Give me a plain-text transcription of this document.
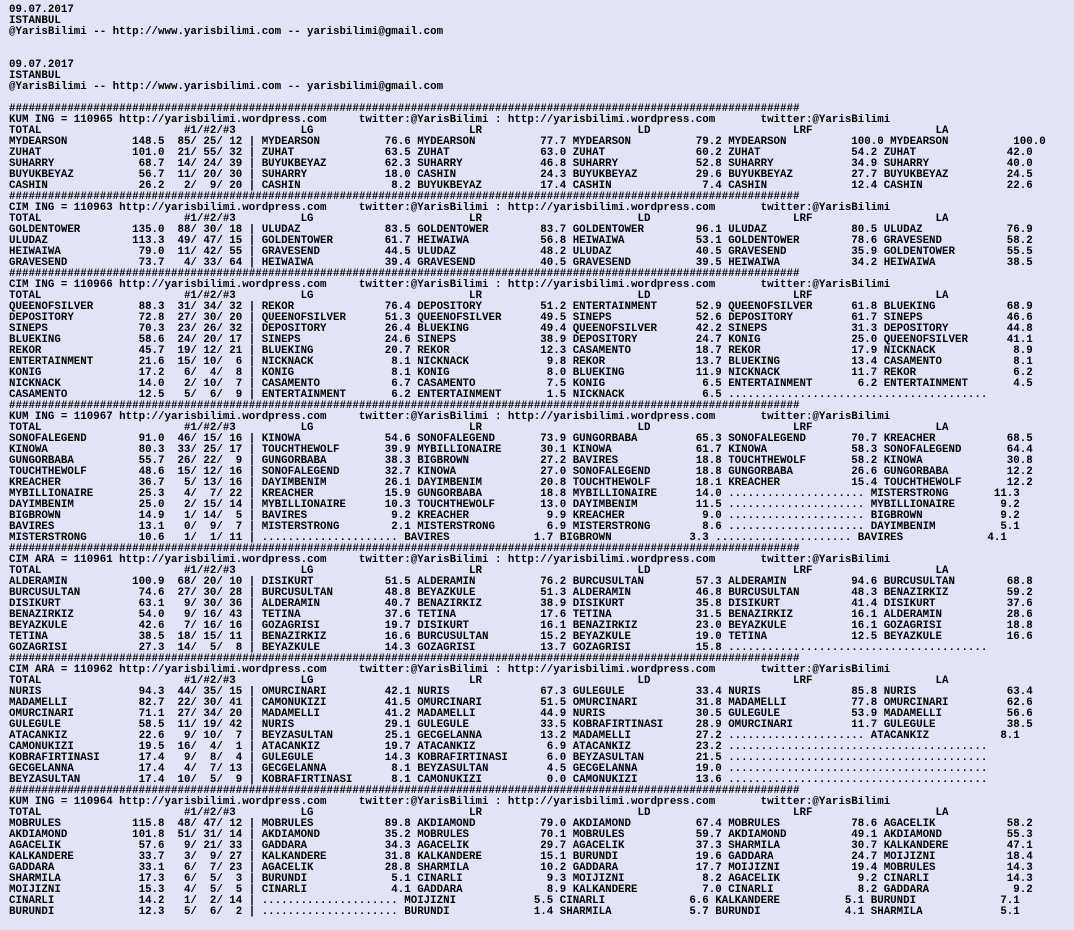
09.07.2017
ISTANBUL
@YarisBilimi -- http://www.yarisbilimi.com -- yarisbilimi@gmail.com

09.07.2017
ISTANBUL
@YarisBilimi -- http://www.yarisbilimi.com -- yarisbilimi@gmail.com

##########################################################################################################################
KUM ING = 110965 http://yarisbilimi.wordpress.com     twitter:@YarisBilimi : http://yarisbilimi.wordpress.com       twitter:@YarisBilimi
TOTAL                      #1/#2/#3          LG                        LR                        LD                      LRF                   LA
MYDEARSON          148.5  85/ 25/ 12 | MYDEARSON          76.6 MYDEARSON          77.7 MYDEARSON          79.2 MYDEARSON          100.0 MYDEARSON          100.0
ZUHAT              101.0  21/ 55/ 32 | ZUHAT              63.5 ZUHAT              63.0 ZUHAT              60.2 ZUHAT              54.2 ZUHAT              42.0
SUHARRY             68.7  14/ 24/ 39 | BUYUKBEYAZ         62.3 SUHARRY            46.8 SUHARRY            52.8 SUHARRY            34.9 SUHARRY            40.0
BUYUKBEYAZ          56.7  11/ 20/ 30 | SUHARRY            18.0 CASHIN             24.3 BUYUKBEYAZ         29.6 BUYUKBEYAZ         27.7 BUYUKBEYAZ         24.5
CASHIN              26.2   2/  9/ 20 | CASHIN              8.2 BUYUKBEYAZ         17.4 CASHIN              7.4 CASHIN             12.4 CASHIN             22.6
##########################################################################################################################
CIM ING = 110963 http://yarisbilimi.wordpress.com     twitter:@YarisBilimi : http://yarisbilimi.wordpress.com       twitter:@YarisBilimi
TOTAL                      #1/#2/#3          LG                        LR                        LD                      LRF                   LA
GOLDENTOWER        135.0  88/ 30/ 18 | ULUDAZ             83.5 GOLDENTOWER        83.7 GOLDENTOWER        96.1 ULUDAZ             80.5 ULUDAZ             76.9
ULUDAZ             113.3  49/ 47/ 15 | GOLDENTOWER        61.7 HEIWAIWA           56.8 HEIWAIWA           53.1 GOLDENTOWER        78.6 GRAVESEND          58.2
HEIWAIWA            79.0  11/ 42/ 55 | GRAVESEND          44.5 ULUDAZ             48.2 ULUDAZ             40.5 GRAVESEND          35.9 GOLDENTOWER        55.5
GRAVESEND           73.7   4/ 33/ 64 | HEIWAIWA           39.4 GRAVESEND          40.5 GRAVESEND          39.5 HEIWAIWA           34.2 HEIWAIWA           38.5
##########################################################################################################################
CIM ING = 110966 http://yarisbilimi.wordpress.com     twitter:@YarisBilimi : http://yarisbilimi.wordpress.com       twitter:@YarisBilimi
TOTAL                      #1/#2/#3          LG                        LR                        LD                      LRF                   LA
QUEENOFSILVER       88.3  31/ 34/ 32 | REKOR              76.4 DEPOSITORY         51.2 ENTERTAINMENT      52.9 QUEENOFSILVER      61.8 BLUEKING           68.9
DEPOSITORY          72.8  27/ 30/ 20 | QUEENOFSILVER      51.3 QUEENOFSILVER      49.5 SINEPS             52.6 DEPOSITORY         61.7 SINEPS             46.6
SINEPS              70.3  23/ 26/ 32 | DEPOSITORY         26.4 BLUEKING           49.4 QUEENOFSILVER      42.2 SINEPS             31.3 DEPOSITORY         44.8
BLUEKING            58.6  24/ 20/ 17 | SINEPS             24.6 SINEPS             38.9 DEPOSITORY         24.7 KONIG              25.0 QUEENOFSILVER      41.1
REKOR               45.7  19/ 12/ 21 | BLUEKING           20.7 REKOR              12.3 CASAMENTO          18.7 REKOR              17.9 NICKNACK            8.9
ENTERTAINMENT       21.6  15/ 10/  6 | NICKNACK            8.1 NICKNACK            9.8 REKOR              13.7 BLUEKING           13.4 CASAMENTO           8.1
KONIG               17.2   6/  4/  8 | KONIG               8.1 KONIG               8.0 BLUEKING           11.9 NICKNACK           11.7 REKOR               6.2
NICKNACK            14.0   2/ 10/  7 | CASAMENTO           6.7 CASAMENTO           7.5 KONIG               6.5 ENTERTAINMENT       6.2 ENTERTAINMENT       4.5
CASAMENTO           12.5   5/  6/  9 | ENTERTAINMENT       6.2 ENTERTAINMENT       1.5 NICKNACK            6.5 ........................................
##########################################################################################################################
KUM ING = 110967 http://yarisbilimi.wordpress.com     twitter:@YarisBilimi : http://yarisbilimi.wordpress.com       twitter:@YarisBilimi
TOTAL                      #1/#2/#3          LG                        LR                        LD                      LRF                   LA
SONOFALEGEND        91.0  46/ 15/ 16 | KINOWA             54.6 SONOFALEGEND       73.9 GUNGORBABA         65.3 SONOFALEGEND       70.7 KREACHER           68.5
KINOWA              80.3  33/ 25/ 17 | TOUCHTHEWOLF       39.9 MYBILLIONAIRE      30.1 KINOWA             61.7 KINOWA             58.3 SONOFALEGEND       64.4
GUNGORBABA          55.7  26/ 22/  9 | GUNGORBABA         38.3 BIGBROWN           27.2 BAVIRES            18.8 TOUCHTHEWOLF       58.2 KINOWA             30.8
TOUCHTHEWOLF        48.6  15/ 12/ 16 | SONOFALEGEND       32.7 KINOWA             27.0 SONOFALEGEND       18.8 GUNGORBABA         26.6 GUNGORBABA         12.2
KREACHER            36.7   5/ 13/ 16 | DAYIMBENIM         26.1 DAYIMBENIM         20.8 TOUCHTHEWOLF       18.1 KREACHER           15.4 TOUCHTHEWOLF       12.2
MYBILLIONAIRE       25.3   4/  7/ 22 | KREACHER           15.9 GUNGORBABA         18.8 MYBILLIONAIRE      14.0 ..................... MISTERSTRONG       11.3
DAYIMBENIM          25.0   2/ 15/ 14 | MYBILLIONAIRE      10.3 TOUCHTHEWOLF       13.0 DAYIMBENIM         11.5 ..................... MYBILLIONAIRE       9.2
BIGBROWN            14.9   1/ 14/  5 | BAVIRES             9.2 KREACHER            9.9 KREACHER            9.0 ..................... BIGBROWN            9.2
BAVIRES             13.1   0/  9/  7 | MISTERSTRONG        2.1 MISTERSTRONG        6.9 MISTERSTRONG        8.6 ..................... DAYIMBENIM          5.1
MISTERSTRONG        10.6   1/  1/ 11 | ..................... BAVIRES             1.7 BIGBROWN            3.3 ..................... BAVIRES             4.1
##########################################################################################################################
CIM ARA = 110961 http://yarisbilimi.wordpress.com     twitter:@YarisBilimi : http://yarisbilimi.wordpress.com       twitter:@YarisBilimi
TOTAL                      #1/#2/#3          LG                        LR                        LD                      LRF                   LA
ALDERAMIN          100.9  68/ 20/ 10 | DISIKURT           51.5 ALDERAMIN          76.2 BURCUSULTAN        57.3 ALDERAMIN          94.6 BURCUSULTAN        68.8
BURCUSULTAN         74.6  27/ 30/ 28 | BURCUSULTAN        48.8 BEYAZKULE          51.3 ALDERAMIN          46.8 BURCUSULTAN        48.3 BENAZIRKIZ         59.2
DISIKURT            63.1   9/ 30/ 36 | ALDERAMIN          40.7 BENAZIRKIZ         38.9 DISIKURT           35.8 DISIKURT           41.4 DISIKURT           37.6
BENAZIRKIZ          54.0   9/ 16/ 43 | TETINA             37.6 TETINA             17.6 TETINA             31.5 BENAZIRKIZ         16.1 ALDERAMIN          28.6
BEYAZKULE           42.6   7/ 16/ 16 | GOZAGRISI          19.7 DISIKURT           16.1 BENAZIRKIZ         23.0 BEYAZKULE          16.1 GOZAGRISI          18.8
TETINA              38.5  18/ 15/ 11 | BENAZIRKIZ         16.6 BURCUSULTAN        15.2 BEYAZKULE          19.0 TETINA             12.5 BEYAZKULE          16.6
GOZAGRISI           27.3  14/  5/  8 | BEYAZKULE          14.3 GOZAGRISI          13.7 GOZAGRISI          15.8 ........................................
##########################################################################################################################
CIM ARA = 110962 http://yarisbilimi.wordpress.com     twitter:@YarisBilimi : http://yarisbilimi.wordpress.com       twitter:@YarisBilimi
TOTAL                      #1/#2/#3          LG                        LR                        LD                      LRF                   LA
NURIS               94.3  44/ 35/ 15 | OMURCINARI         42.1 NURIS              67.3 GULEGULE           33.4 NURIS              85.8 NURIS              63.4
MADAMELLI           82.7  22/ 30/ 41 | CAMONUKIZI         41.5 OMURCINARI         51.5 OMURCINARI         31.8 MADAMELLI          77.8 OMURCINARI         62.6
OMURCINARI          71.1  27/ 34/ 20 | MADAMELLI          41.2 MADAMELLI          44.9 NURIS              30.5 GULEGULE           53.9 MADAMELLI          56.6
GULEGULE            58.5  11/ 19/ 42 | NURIS              29.1 GULEGULE           33.5 KOBRAFIRTINASI     28.9 OMURCINARI         11.7 GULEGULE           38.5
ATACANKIZ           22.6   9/ 10/  7 | BEYZASULTAN        25.1 GECGELANNA         13.2 MADAMELLI          27.2 ..................... ATACANKIZ           8.1
CAMONUKIZI          19.5  16/  4/  1 | ATACANKIZ          19.7 ATACANKIZ           6.9 ATACANKIZ          23.2 ........................................
KOBRAFIRTINASI      17.4   9/  8/  4 | GULEGULE           14.3 KOBRAFIRTINASI      6.0 BEYZASULTAN        21.5 ........................................
GECGELANNA          17.4   4/  7/ 13 | GECGELANNA          8.1 BEYZASULTAN         4.5 GECGELANNA         19.0 ........................................
BEYZASULTAN         17.4  10/  5/  9 | KOBRAFIRTINASI      8.1 CAMONUKIZI          0.0 CAMONUKIZI         13.6 ........................................
##########################################################################################################################
KUM ING = 110964 http://yarisbilimi.wordpress.com     twitter:@YarisBilimi : http://yarisbilimi.wordpress.com       twitter:@YarisBilimi
TOTAL                      #1/#2/#3          LG                        LR                        LD                      LRF                   LA
MOBRULES           115.8  48/ 47/ 12 | MOBRULES           89.8 AKDIAMOND          79.0 AKDIAMOND          67.4 MOBRULES           78.6 AGACELIK           58.2
AKDIAMOND          101.8  51/ 31/ 14 | AKDIAMOND          35.2 MOBRULES           70.1 MOBRULES           59.7 AKDIAMOND          49.1 AKDIAMOND          55.3
AGACELIK            57.6   9/ 21/ 33 | GADDARA            34.3 AGACELIK           29.7 AGACELIK           37.3 SHARMILA           30.7 KALKANDERE         47.1
KALKANDERE          33.7   3/  9/ 27 | KALKANDERE         31.8 KALKANDERE         15.1 BURUNDI            19.6 GADDARA            24.7 MOIJIZNI           18.4
GADDARA             33.1   6/  7/ 23 | AGACELIK           28.8 SHARMILA           10.2 GADDARA            17.7 MOIJIZNI           19.4 MOBRULES           14.3
SHARMILA            17.3   6/  5/  3 | BURUNDI             5.1 CINARLI             9.3 MOIJIZNI            8.2 AGACELIK            9.2 CINARLI            14.3
MOIJIZNI            15.3   4/  5/  5 | CINARLI             4.1 GADDARA             8.9 KALKANDERE          7.0 CINARLI             8.2 GADDARA             9.2
CINARLI             14.2   1/  2/ 14 | ..................... MOIJIZNI            5.5 CINARLI             6.6 KALKANDERE          5.1 BURUNDI             7.1
BURUNDI             12.3   5/  6/  2 | ..................... BURUNDI             1.4 SHARMILA            5.7 BURUNDI             4.1 SHARMILA            5.1
